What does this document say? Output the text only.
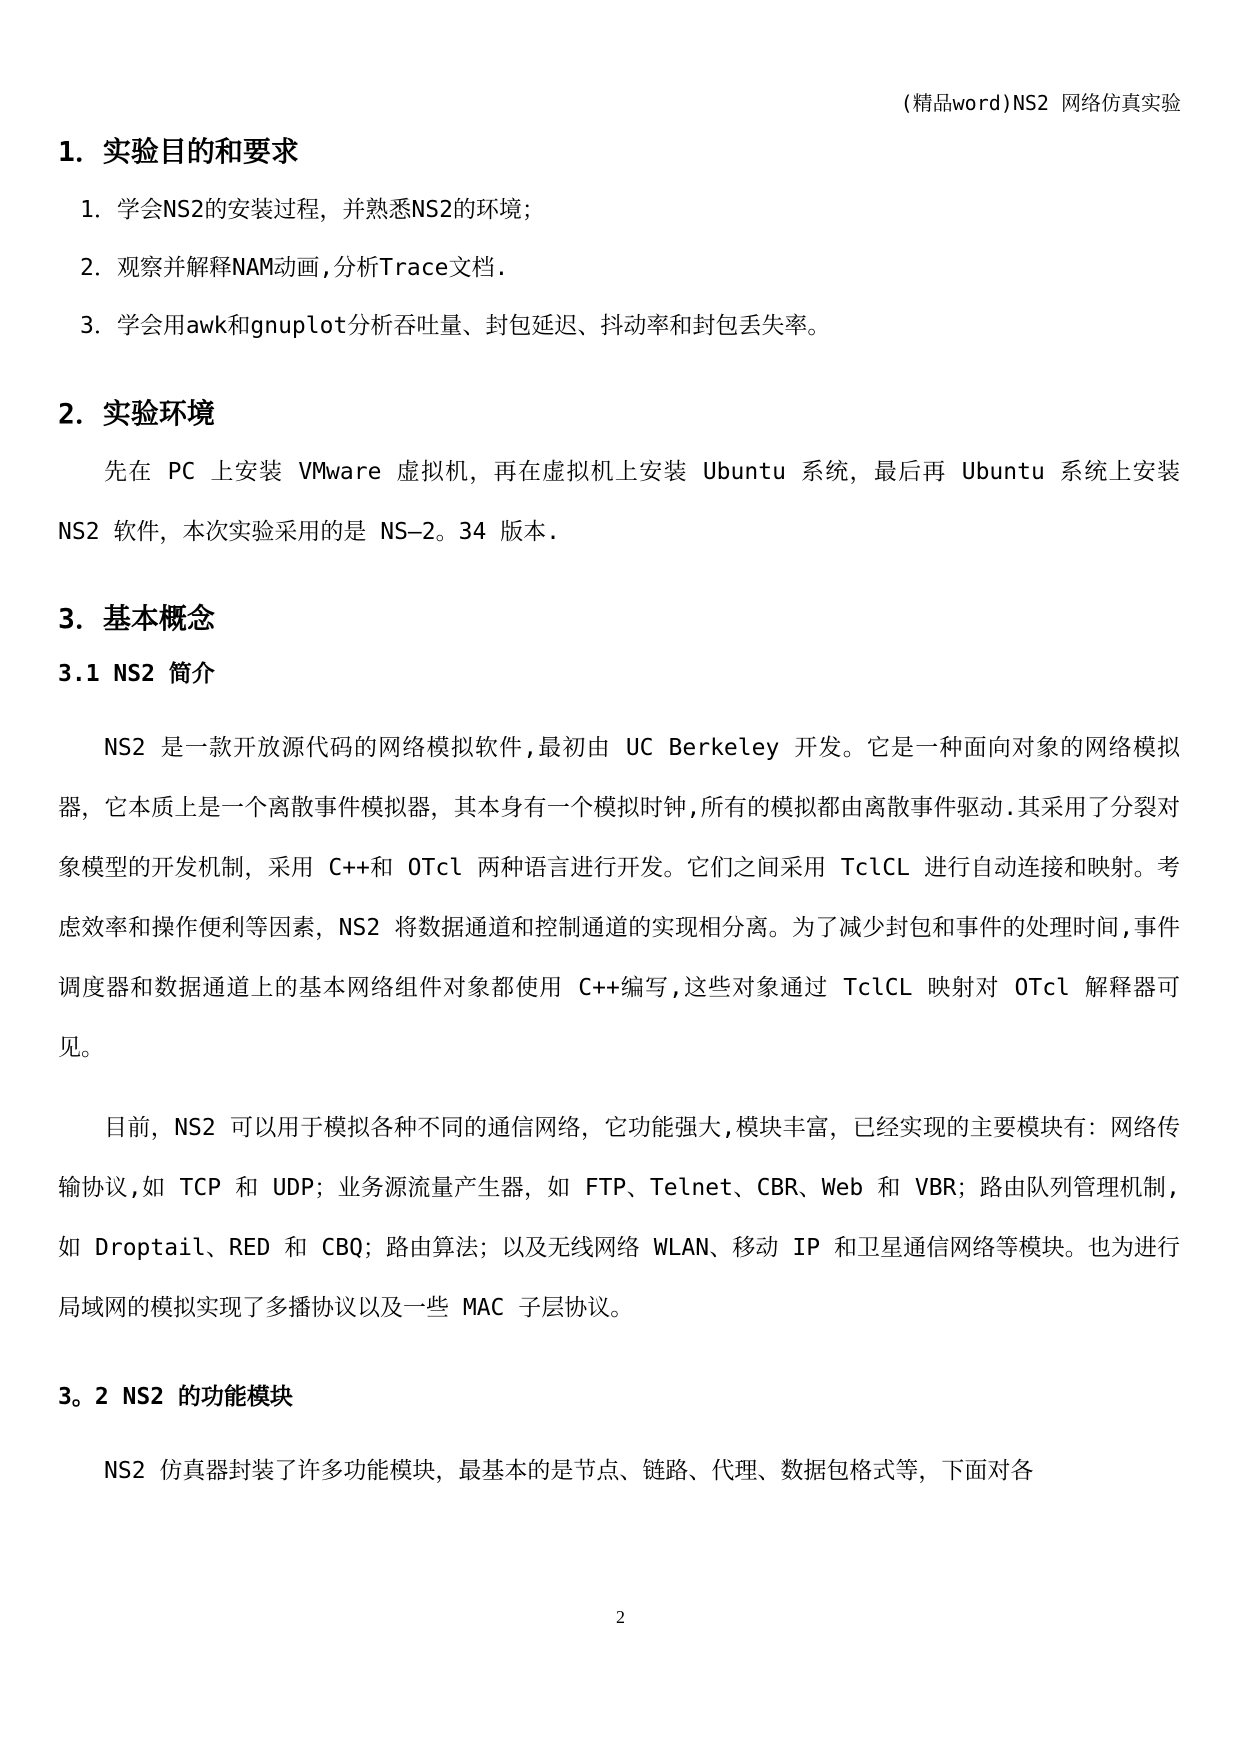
(精品word)NS2 网络仿真实验
1．实验目的和要求
1．学会NS2的安装过程，并熟悉NS2的环境；
2．观察并解释NAM动画,分析Trace文档.
3．学会用awk和gnuplot分析吞吐量、封包延迟、抖动率和封包丢失率。
2．实验环境

先在 PC 上安装 VMware 虚拟机，再在虚拟机上安装 Ubuntu 系统，最后再 Ubuntu 系统上安装 NS2 软件，本次实验采用的是 NS—2。34 版本.

3．基本概念
3.1 NS2 简介

NS2 是一款开放源代码的网络模拟软件,最初由 UC Berkeley 开发。它是一种面向对象的网络模拟器，它本质上是一个离散事件模拟器，其本身有一个模拟时钟,所有的模拟都由离散事件驱动.其采用了分裂对象模型的开发机制，采用 C++和 OTcl 两种语言进行开发。它们之间采用 TclCL 进行自动连接和映射。考虑效率和操作便利等因素，NS2 将数据通道和控制通道的实现相分离。为了减少封包和事件的处理时间,事件调度器和数据通道上的基本网络组件对象都使用 C++编写,这些对象通过 TclCL 映射对 OTcl 解释器可见。

目前，NS2 可以用于模拟各种不同的通信网络，它功能强大,模块丰富，已经实现的主要模块有：网络传输协议,如 TCP 和 UDP；业务源流量产生器，如 FTP、Telnet、CBR、Web 和 VBR；路由队列管理机制,如 Droptail、RED 和 CBQ；路由算法；以及无线网络 WLAN、移动 IP 和卫星通信网络等模块。也为进行局域网的模拟实现了多播协议以及一些 MAC 子层协议。

3。2 NS2 的功能模块

NS2 仿真器封装了许多功能模块，最基本的是节点、链路、代理、数据包格式等，下面对各

2
